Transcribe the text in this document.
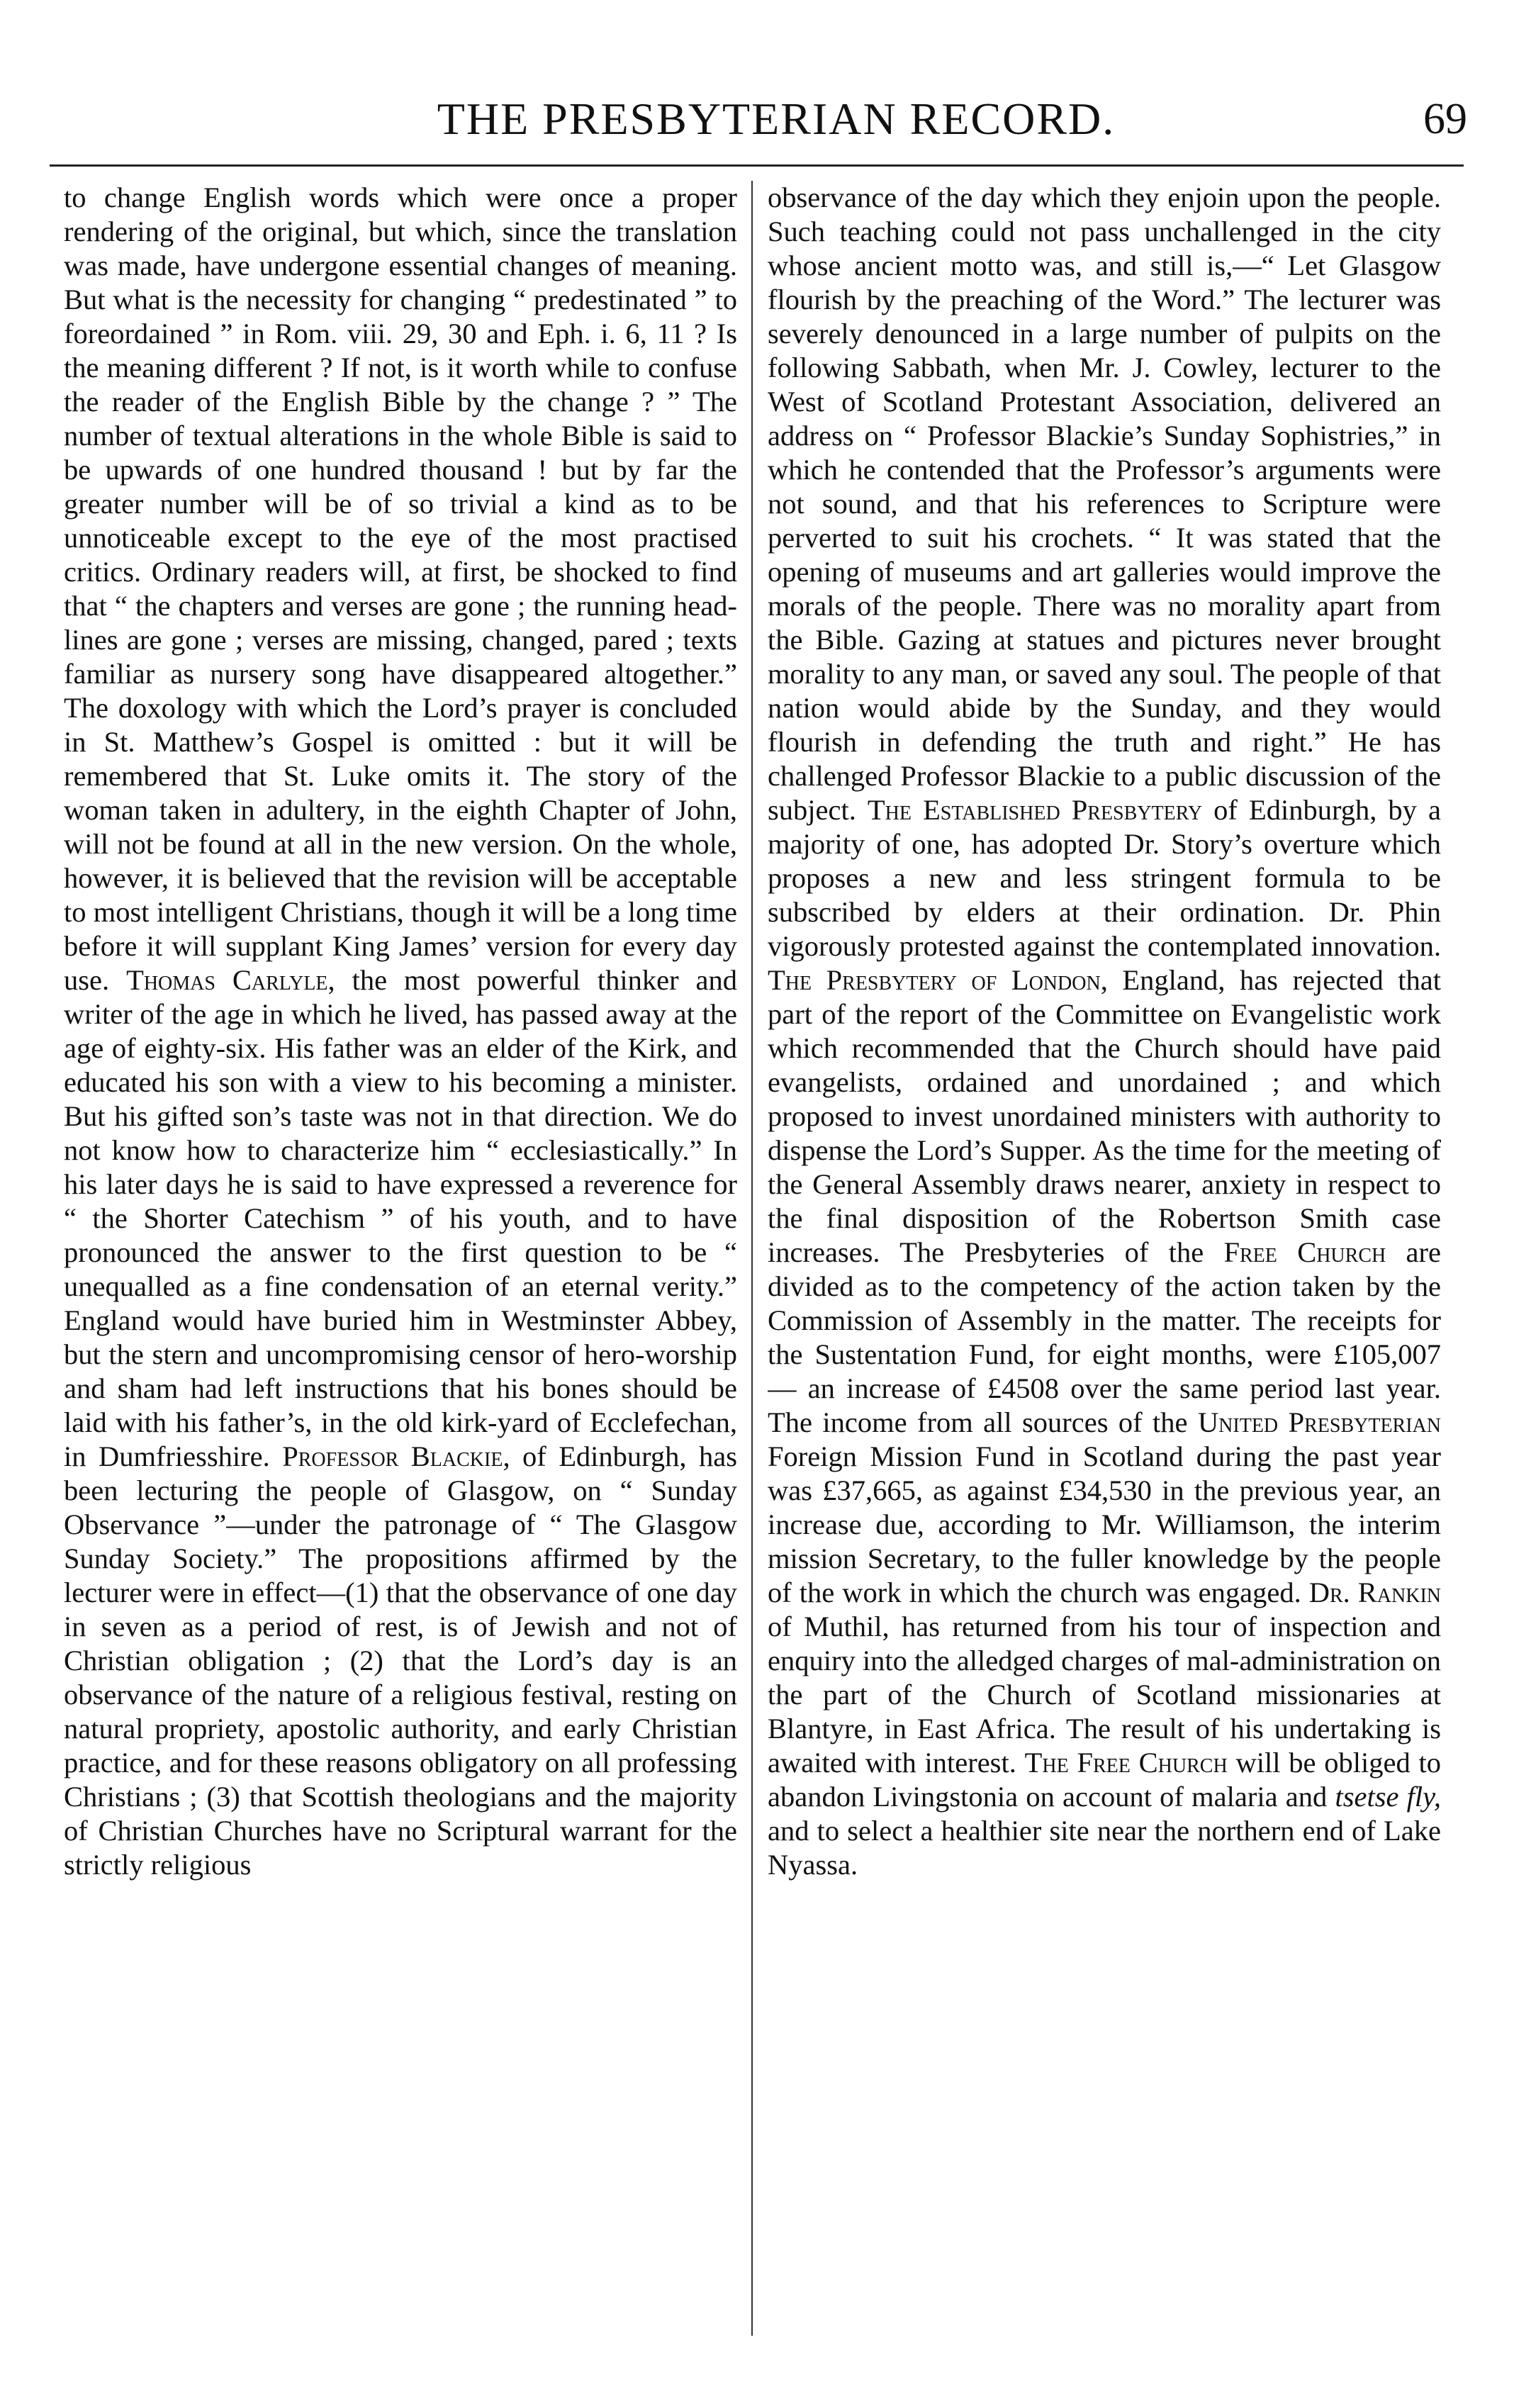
THE PRESBYTERIAN RECORD.	69

to change English words which were once a proper rendering of the original, but which, since the translation was made, have undergone essential changes of meaning. But what is the necessity for changing “ predestinated ” to foreordained ” in Rom. viii. 29, 30 and Eph. i. 6, 11 ? Is the meaning different ? If not, is it worth while to confuse the reader of the English Bible by the change ? ” The number of textual alterations in the whole Bible is said to be upwards of one hundred thousand ! but by far the greater number will be of so trivial a kind as to be unnoticeable except to the eye of the most practised critics. Ordinary readers will, at first, be shocked to find that “ the chapters and verses are gone ; the running head-lines are gone ; verses are missing, changed, pared ; texts familiar as nursery song have disappeared altogether.” The doxology with which the Lord’s prayer is concluded in St. Matthew’s Gospel is omitted : but it will be remembered that St. Luke omits it. The story of the woman taken in adultery, in the eighth Chapter of John, will not be found at all in the new version. On the whole, however, it is believed that the revision will be acceptable to most intelligent Christians, though it will be a long time before it will supplant King James’ version for every day use. Thomas Carlyle, the most powerful thinker and writer of the age in which he lived, has passed away at the age of eighty-six. His father was an elder of the Kirk, and educated his son with a view to his becoming a minister. But his gifted son’s taste was not in that direction. We do not know how to characterize him “ ecclesiastically.” In his later days he is said to have expressed a reverence for “ the Shorter Catechism ” of his youth, and to have pronounced the answer to the first question to be “ unequalled as a fine condensation of an eternal verity.” England would have buried him in Westminster Abbey, but the stern and uncompromising censor of hero-worship and sham had left instructions that his bones should be laid with his father’s, in the old kirk-yard of Ecclefechan, in Dumfriesshire. Professor Blackie, of Edinburgh, has been lecturing the people of Glasgow, on “ Sunday Observance ”—under the patronage of “ The Glasgow Sunday Society.” The propositions affirmed by the lecturer were in effect—(1) that the observance of one day in seven as a period of rest, is of Jewish and not of Christian obligation ; (2) that the Lord’s day is an observance of the nature of a religious festival, resting on natural propriety, apostolic authority, and early Christian practice, and for these reasons obligatory on all professing Christians ; (3) that Scottish theologians and the majority of Christian Churches have no Scriptural warrant for the strictly religious

observance of the day which they enjoin upon the people. Such teaching could not pass unchallenged in the city whose ancient motto was, and still is,—“ Let Glasgow flourish by the preaching of the Word.” The lecturer was severely denounced in a large number of pulpits on the following Sabbath, when Mr. J. Cowley, lecturer to the West of Scotland Protestant Association, delivered an address on “ Professor Blackie’s Sunday Sophistries,” in which he contended that the Professor’s arguments were not sound, and that his references to Scripture were perverted to suit his crochets. “ It was stated that the opening of museums and art galleries would improve the morals of the people. There was no morality apart from the Bible. Gazing at statues and pictures never brought morality to any man, or saved any soul. The people of that nation would abide by the Sunday, and they would flourish in defending the truth and right.” He has challenged Professor Blackie to a public discussion of the subject. The Established Presbytery of Edinburgh, by a majority of one, has adopted Dr. Story’s overture which proposes a new and less stringent formula to be subscribed by elders at their ordination. Dr. Phin vigorously protested against the contemplated innovation. The Presbytery of London, England, has rejected that part of the report of the Committee on Evangelistic work which recommended that the Church should have paid evangelists, ordained and unordained ; and which proposed to invest unordained ministers with authority to dispense the Lord’s Supper. As the time for the meeting of the General Assembly draws nearer, anxiety in respect to the final disposition of the Robertson Smith case increases. The Presbyteries of the Free Church are divided as to the competency of the action taken by the Commission of Assembly in the matter. The receipts for the Sustentation Fund, for eight months, were £105,007 — an increase of £4508 over the same period last year. The income from all sources of the United Presbyterian Foreign Mission Fund in Scotland during the past year was £37,665, as against £34,530 in the previous year, an increase due, according to Mr. Williamson, the interim mission Secretary, to the fuller knowledge by the people of the work in which the church was engaged. Dr. Rankin of Muthil, has returned from his tour of inspection and enquiry into the alledged charges of mal-administration on the part of the Church of Scotland missionaries at Blantyre, in East Africa. The result of his undertaking is awaited with interest. The Free Church will be obliged to abandon Livingstonia on account of malaria and tsetse fly, and to select a healthier site near the northern end of Lake Nyassa.
